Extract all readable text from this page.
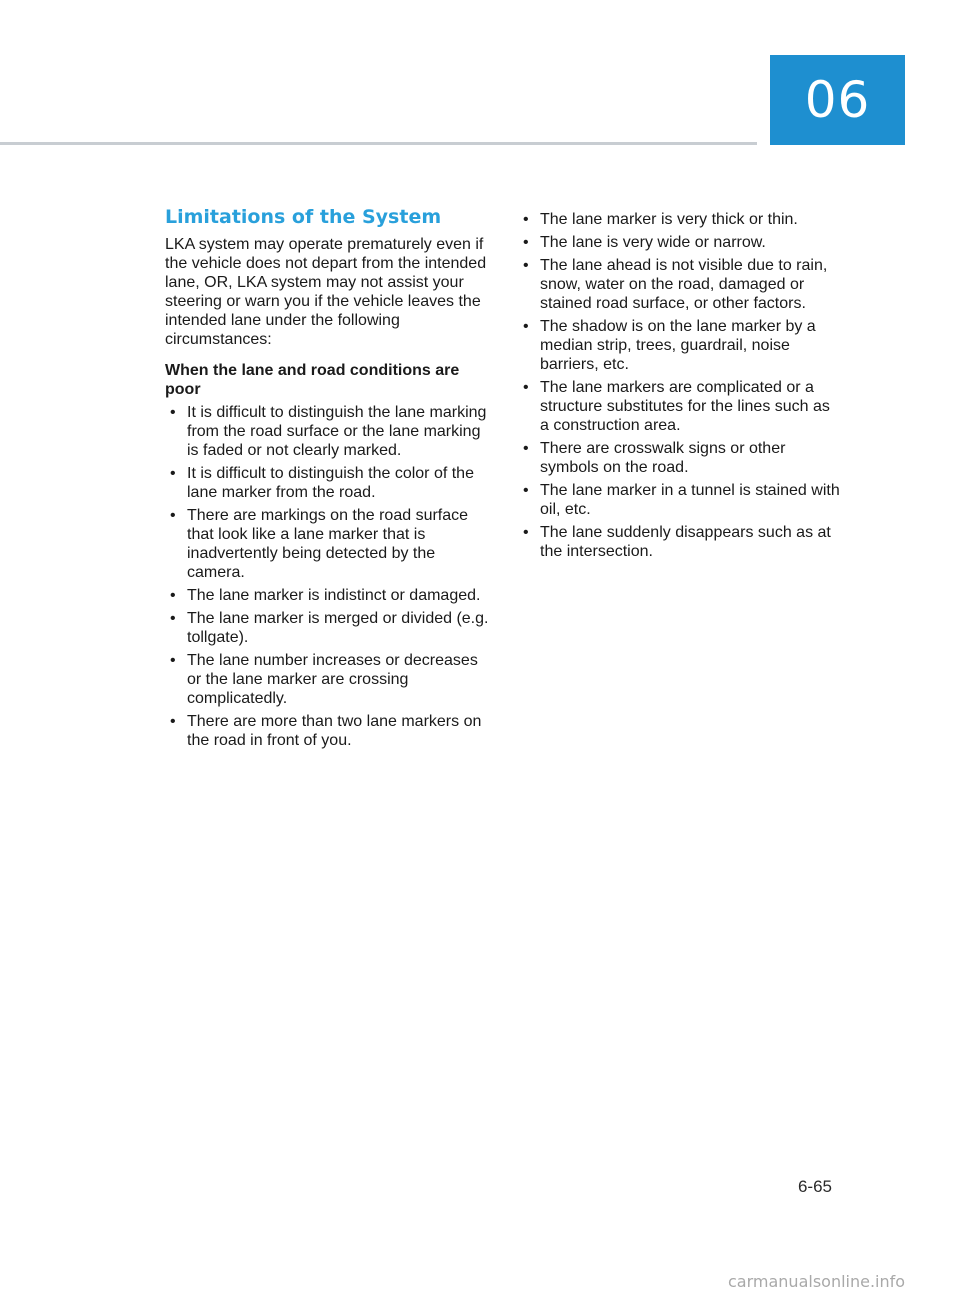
06
Limitations of the System

LKA system may operate prematurely even if the vehicle does not depart from the intended lane, OR, LKA system may not assist your steering or warn you if the vehicle leaves the intended lane under the following circumstances:

When the lane and road conditions are poor

• It is difficult to distinguish the lane marking from the road surface or the lane marking is faded or not clearly marked.
• It is difficult to distinguish the color of the lane marker from the road.
• There are markings on the road surface that look like a lane marker that is inadvertently being detected by the camera.
• The lane marker is indistinct or damaged.
• The lane marker is merged or divided (e.g. tollgate).
• The lane number increases or decreases or the lane marker are crossing complicatedly.
• There are more than two lane markers on the road in front of you.
• The lane marker is very thick or thin.
• The lane is very wide or narrow.
• The lane ahead is not visible due to rain, snow, water on the road, damaged or stained road surface, or other factors.
• The shadow is on the lane marker by a median strip, trees, guardrail, noise barriers, etc.
• The lane markers are complicated or a structure substitutes for the lines such as a construction area.
• There are crosswalk signs or other symbols on the road.
• The lane marker in a tunnel is stained with oil, etc.
• The lane suddenly disappears such as at the intersection.
6-65
carmanualsonline.info
